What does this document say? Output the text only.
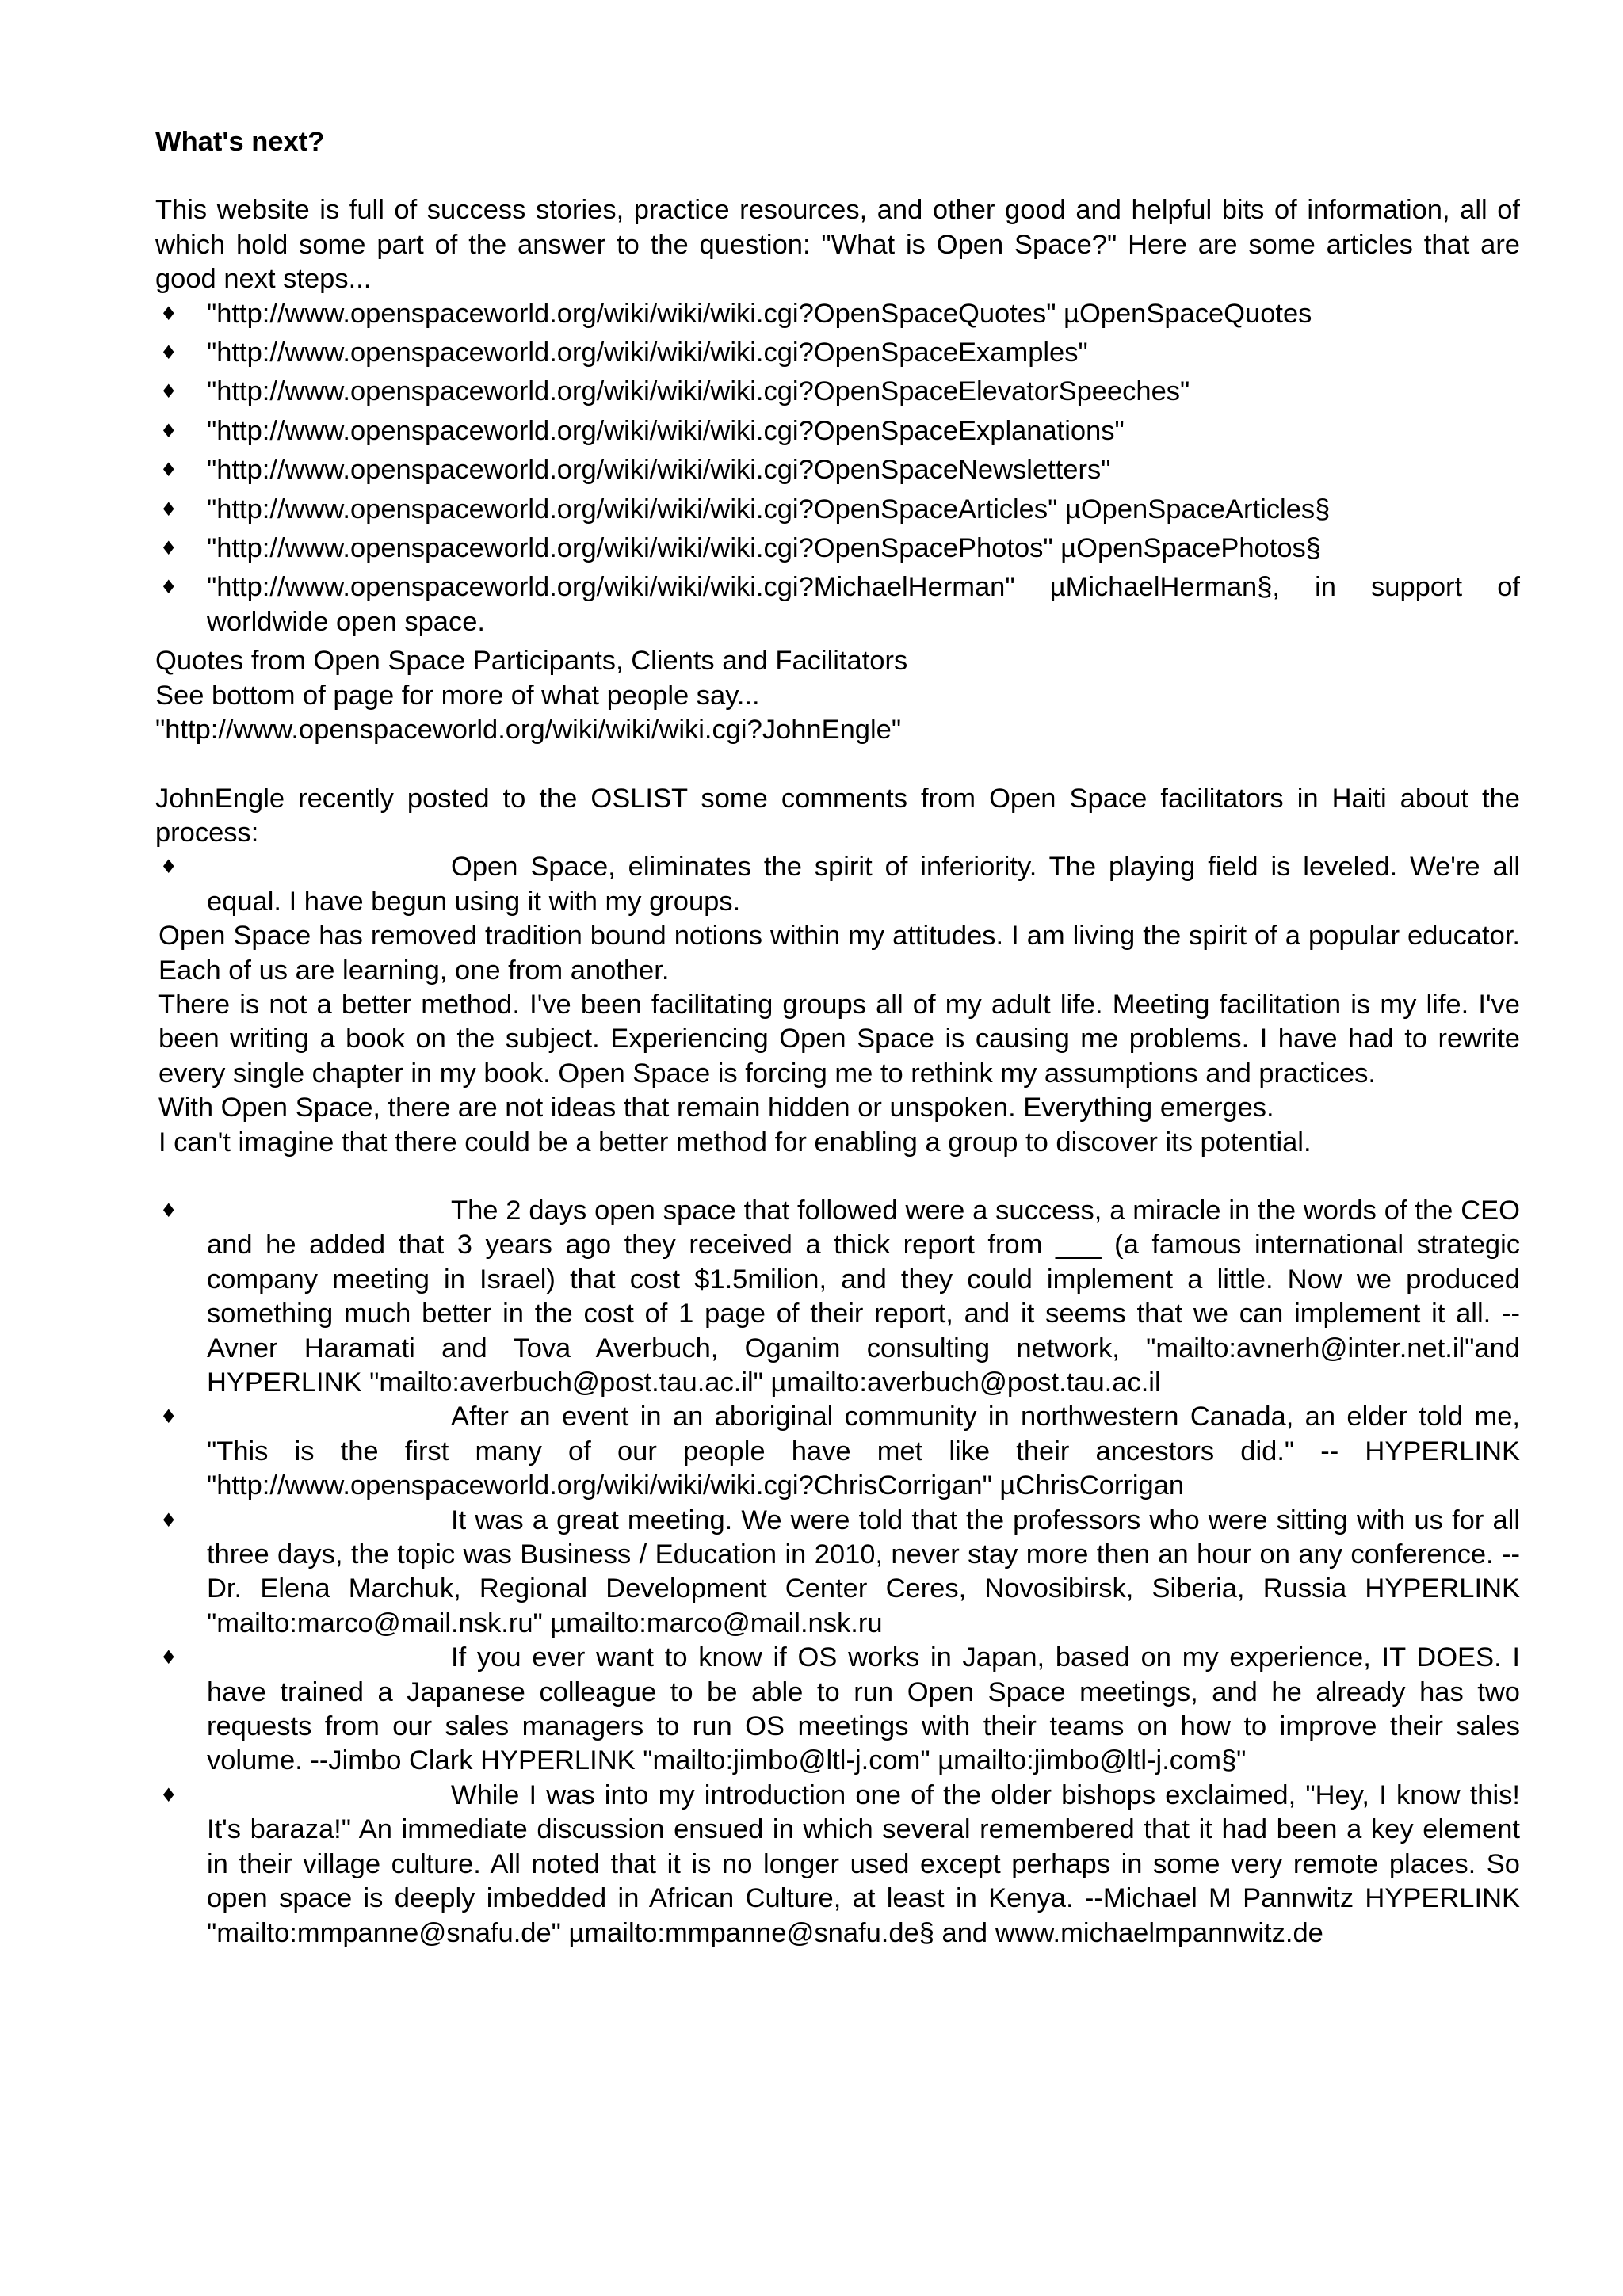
What's next?

This website is full of success stories, practice resources, and other good and helpful bits of information, all of which hold some part of the answer to the question: "What is Open Space?" Here are some articles that are good next steps...

♦ "http://www.openspaceworld.org/wiki/wiki/wiki.cgi?OpenSpaceQuotes" µOpenSpaceQuotes
♦ "http://www.openspaceworld.org/wiki/wiki/wiki.cgi?OpenSpaceExamples"
♦ "http://www.openspaceworld.org/wiki/wiki/wiki.cgi?OpenSpaceElevatorSpeeches"
♦ "http://www.openspaceworld.org/wiki/wiki/wiki.cgi?OpenSpaceExplanations"
♦ "http://www.openspaceworld.org/wiki/wiki/wiki.cgi?OpenSpaceNewsletters"
♦ "http://www.openspaceworld.org/wiki/wiki/wiki.cgi?OpenSpaceArticles" µOpenSpaceArticles§
♦ "http://www.openspaceworld.org/wiki/wiki/wiki.cgi?OpenSpacePhotos" µOpenSpacePhotos§
♦ "http://www.openspaceworld.org/wiki/wiki/wiki.cgi?MichaelHerman" µMichaelHerman§, in support of worldwide open space.

Quotes from Open Space Participants, Clients and Facilitators

See bottom of page for more of what people say...

"http://www.openspaceworld.org/wiki/wiki/wiki.cgi?JohnEngle"

JohnEngle recently posted to the OSLIST some comments from Open Space facilitators in Haiti about the process:

♦	Open Space, eliminates the spirit of inferiority. The playing field is leveled. We're all equal. I have begun using it with my groups.

Open Space has removed tradition bound notions within my attitudes. I am living the spirit of a popular educator. Each of us are learning, one from another.

There is not a better method. I've been facilitating groups all of my adult life. Meeting facilitation is my life. I've been writing a book on the subject. Experiencing Open Space is causing me problems. I have had to rewrite every single chapter in my book. Open Space is forcing me to rethink my assumptions and practices.

With Open Space, there are not ideas that remain hidden or unspoken. Everything emerges.

I can't imagine that there could be a better method for enabling a group to discover its potential.

♦	The 2 days open space that followed were a success, a miracle in the words of the CEO and he added that 3 years ago they received a thick report from ___ (a famous international strategic company meeting in Israel) that cost $1.5milion, and they could implement a little. Now we produced something much better in the cost of 1 page of their report, and it seems that we can implement it all. --Avner Haramati and Tova Averbuch, Oganim consulting network, "mailto:avnerh@inter.net.il"and HYPERLINK "mailto:averbuch@post.tau.ac.il" µmailto:averbuch@post.tau.ac.il
♦	After an event in an aboriginal community in northwestern Canada, an elder told me, "This is the first many of our people have met like their ancestors did." -- HYPERLINK "http://www.openspaceworld.org/wiki/wiki/wiki.cgi?ChrisCorrigan" µChrisCorrigan
♦	It was a great meeting. We were told that the professors who were sitting with us for all three days, the topic was Business / Education in 2010, never stay more then an hour on any conference. --Dr. Elena Marchuk, Regional Development Center Ceres, Novosibirsk, Siberia, Russia HYPERLINK "mailto:marco@mail.nsk.ru" µmailto:marco@mail.nsk.ru
♦	If you ever want to know if OS works in Japan, based on my experience, IT DOES. I have trained a Japanese colleague to be able to run Open Space meetings, and he already has two requests from our sales managers to run OS meetings with their teams on how to improve their sales volume. --Jimbo Clark HYPERLINK "mailto:jimbo@ltl-j.com" µmailto:jimbo@ltl-j.com§"
♦	While I was into my introduction one of the older bishops exclaimed, "Hey, I know this! It's baraza!" An immediate discussion ensued in which several remembered that it had been a key element in their village culture. All noted that it is no longer used except perhaps in some very remote places. So open space is deeply imbedded in African Culture, at least in Kenya. --Michael M Pannwitz HYPERLINK "mailto:mmpanne@snafu.de" µmailto:mmpanne@snafu.de§ and www.michaelmpannwitz.de
